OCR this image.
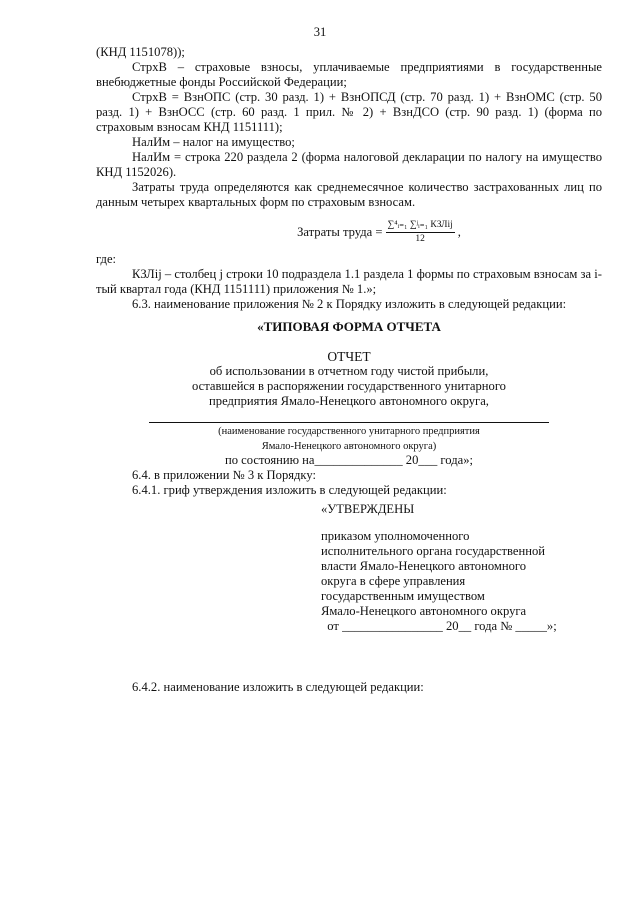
31

(КНД 1151078));

СтрхВ – страховые взносы, уплачиваемые предприятиями в государственные внебюджетные фонды Российской Федерации;

СтрхВ = ВзнОПС (стр. 30 разд. 1) + ВзнОПСД (стр. 70 разд. 1) + ВзнОМС (стр. 50 разд. 1) + ВзнОСС (стр. 60 разд. 1 прил. № 2) + ВзнДСО (стр. 90 разд. 1) (форма по страховым взносам КНД 1151111);

НалИм – налог на имущество;

НалИм = строка 220 раздела 2 (форма налоговой декларации по налогу на имущество КНД 1152026).

Затраты труда определяются как среднемесячное количество застрахованных лиц по данным четырех квартальных форм по страховым взносам.

Затраты труда = $\frac{\text{∑⁴ᵢ₌₁ ∑ʲᵢ₌₁ КЗЛij}}{12}$ ,

где:

КЗЛij – столбец j строки 10 подраздела 1.1 раздела 1 формы по страховым взносам за i-тый квартал года (КНД 1151111) приложения № 1.»;

6.3. наименование приложения № 2 к Порядку изложить в следующей редакции:

«ТИПОВАЯ ФОРМА ОТЧЕТА
ОТЧЕТ
об использовании в отчетном году чистой прибыли,
оставшейся в распоряжении государственного унитарного
предприятия Ямало-Ненецкого автономного округа,
(наименование государственного унитарного предприятия
Ямало-Ненецкого автономного округа)
по состоянию на______________ 20___ года»;

6.4. в приложении № 3 к Порядку:

6.4.1. гриф утверждения изложить в следующей редакции:

«УТВЕРЖДЕНЫ
приказом уполномоченного
исполнительного органа государственной
власти Ямало-Ненецкого автономного
округа в сфере управления
государственным имуществом
Ямало-Ненецкого автономного округа
от ________________ 20__ года № _____»;

6.4.2. наименование изложить в следующей редакции:
